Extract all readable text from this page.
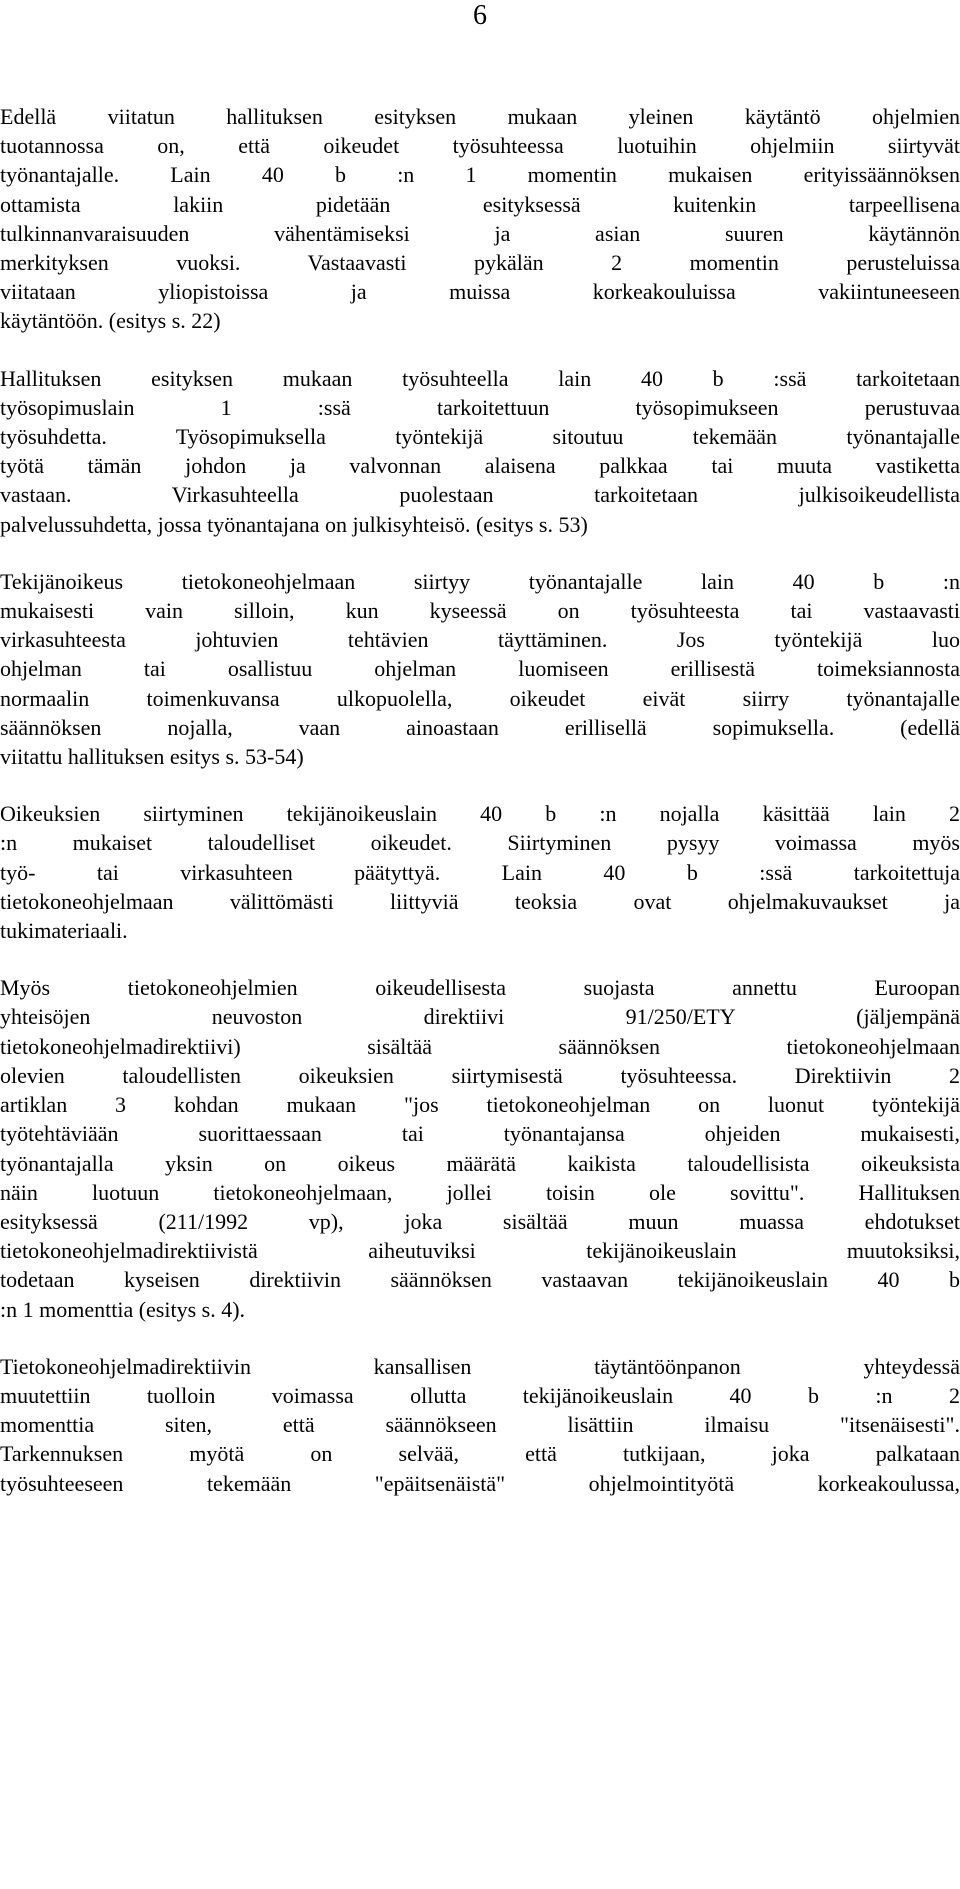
6
Edellä viitatun hallituksen esityksen mukaan yleinen käytäntö ohjelmien
tuotannossa on, että oikeudet työsuhteessa luotuihin ohjelmiin siirtyvät
työnantajalle. Lain 40 b :n 1 momentin mukaisen erityissäännöksen
ottamista lakiin pidetään esityksessä kuitenkin tarpeellisena
tulkinnanvaraisuuden vähentämiseksi ja asian suuren käytännön
merkityksen vuoksi. Vastaavasti pykälän 2 momentin perusteluissa
viitataan yliopistoissa ja muissa korkeakouluissa vakiintuneeseen
käytäntöön. (esitys s. 22)
Hallituksen esityksen mukaan työsuhteella lain 40 b :ssä tarkoitetaan
työsopimuslain 1 :ssä tarkoitettuun työsopimukseen perustuvaa
työsuhdetta. Työsopimuksella työntekijä sitoutuu tekemään työnantajalle
työtä tämän johdon ja valvonnan alaisena palkkaa tai muuta vastiketta
vastaan. Virkasuhteella puolestaan tarkoitetaan julkisoikeudellista
palvelussuhdetta, jossa työnantajana on julkisyhteisö. (esitys s. 53)
Tekijänoikeus tietokoneohjelmaan siirtyy työnantajalle lain 40 b :n
mukaisesti vain silloin, kun kyseessä on työsuhteesta tai vastaavasti
virkasuhteesta johtuvien tehtävien täyttäminen. Jos työntekijä luo
ohjelman tai osallistuu ohjelman luomiseen erillisestä toimeksiannosta
normaalin toimenkuvansa ulkopuolella, oikeudet eivät siirry työnantajalle
säännöksen nojalla, vaan ainoastaan erillisellä sopimuksella. (edellä
viitattu hallituksen esitys s. 53-54)
Oikeuksien siirtyminen tekijänoikeuslain 40 b :n nojalla käsittää lain 2
:n mukaiset taloudelliset oikeudet. Siirtyminen pysyy voimassa myös
työ- tai virkasuhteen päätyttyä. Lain 40 b :ssä tarkoitettuja
tietokoneohjelmaan välittömästi liittyviä teoksia ovat ohjelmakuvaukset ja
tukimateriaali.
Myös tietokoneohjelmien oikeudellisesta suojasta annettu Euroopan
yhteisöjen neuvoston direktiivi 91/250/ETY (jäljempänä
tietokoneohjelmadirektiivi) sisältää säännöksen tietokoneohjelmaan
olevien taloudellisten oikeuksien siirtymisestä työsuhteessa. Direktiivin 2
artiklan 3 kohdan mukaan "jos tietokoneohjelman on luonut työntekijä
työtehtäviään suorittaessaan tai työnantajansa ohjeiden mukaisesti,
työnantajalla yksin on oikeus määrätä kaikista taloudellisista oikeuksista
näin luotuun tietokoneohjelmaan, jollei toisin ole sovittu". Hallituksen
esityksessä (211/1992 vp), joka sisältää muun muassa ehdotukset
tietokoneohjelmadirektiivistä aiheutuviksi tekijänoikeuslain muutoksiksi,
todetaan kyseisen direktiivin säännöksen vastaavan tekijänoikeuslain 40 b
:n 1 momenttia (esitys s. 4).
Tietokoneohjelmadirektiivin kansallisen täytäntöönpanon yhteydessä
muutettiin tuolloin voimassa ollutta tekijänoikeuslain 40 b :n 2
momenttia siten, että säännökseen lisättiin ilmaisu "itsenäisesti".
Tarkennuksen myötä on selvää, että tutkijaan, joka palkataan
työsuhteeseen tekemään "epäitsenäistä" ohjelmointityötä korkeakoulussa,
